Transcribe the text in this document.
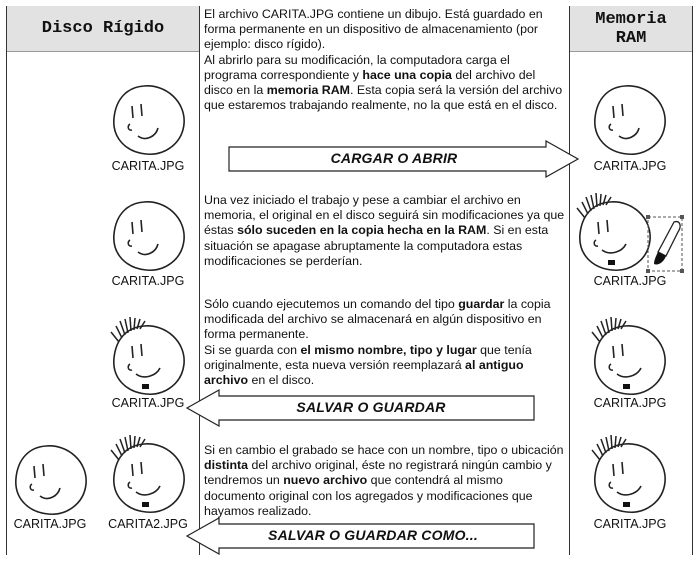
Disco Rígido	Memoria
RAM
El archivo CARITA.JPG contiene un dibujo. Está guardado en forma permanente en un dispositivo de almacenamiento (por ejemplo: disco rígido).
Al abrirlo para su modificación, la computadora carga el programa correspondiente y hace una copia del archivo del disco en la memoria RAM. Esta copia será la versión del archivo que estaremos trabajando realmente, no la que está en el disco.
Una vez iniciado el trabajo y pese a cambiar el archivo en memoria, el original en el disco seguirá sin modificaciones ya que éstas sólo suceden en la copia hecha en la RAM. Si en esta situación se apagase abruptamente la computadora estas modificaciones se perderían.
Sólo cuando ejecutemos un comando del tipo guardar la copia modificada del archivo se almacenará en algún dispositivo en forma permanente.
Si se guarda con el mismo nombre, tipo y lugar que tenía originalmente, esta nueva versión reemplazará al antiguo archivo en el disco.
Si en cambio el grabado se hace con un nombre, tipo o ubicación distinta del archivo original, éste no registrará ningún cambio y tendremos un nuevo archivo que contendrá al mismo documento original con los agregados y modificaciones que hayamos realizado.
CARGAR O ABRIR
SALVAR O GUARDAR
SALVAR O GUARDAR COMO...
CARITA.JPG	CARITA.JPG
CARITA.JPG	CARITA.JPG
CARITA.JPG	CARITA.JPG
CARITA.JPG	CARITA2.JPG	CARITA.JPG
